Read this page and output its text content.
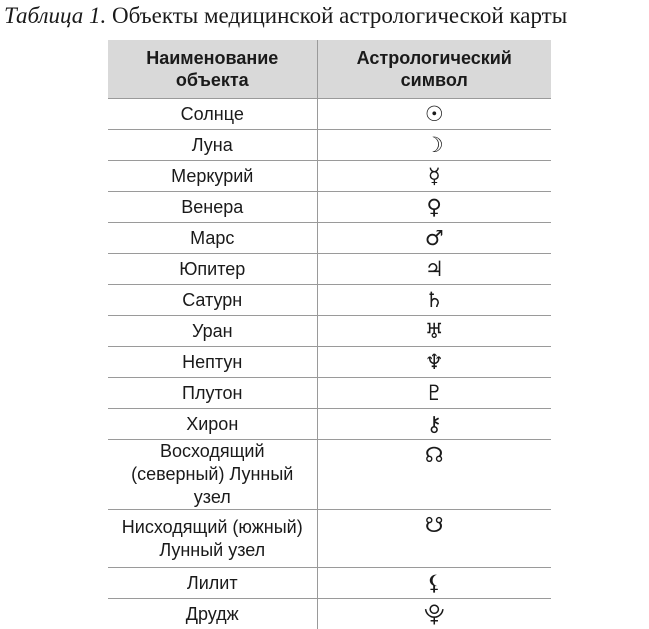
Таблица 1. Объекты медицинской астрологической карты
Наименование объекта	Астрологический символ
Солнце	☉
Луна	☽
Меркурий	☿
Венера	♀
Марс	♂
Юпитер	♃
Сатурн	♄
Уран	♅
Нептун	♆
Плутон	♇
Хирон	⚷
Восходящий (северный) Лунный узел	☊
Нисходящий (южный) Лунный узел	☋
Лилит	⚸
Друдж	⯓
